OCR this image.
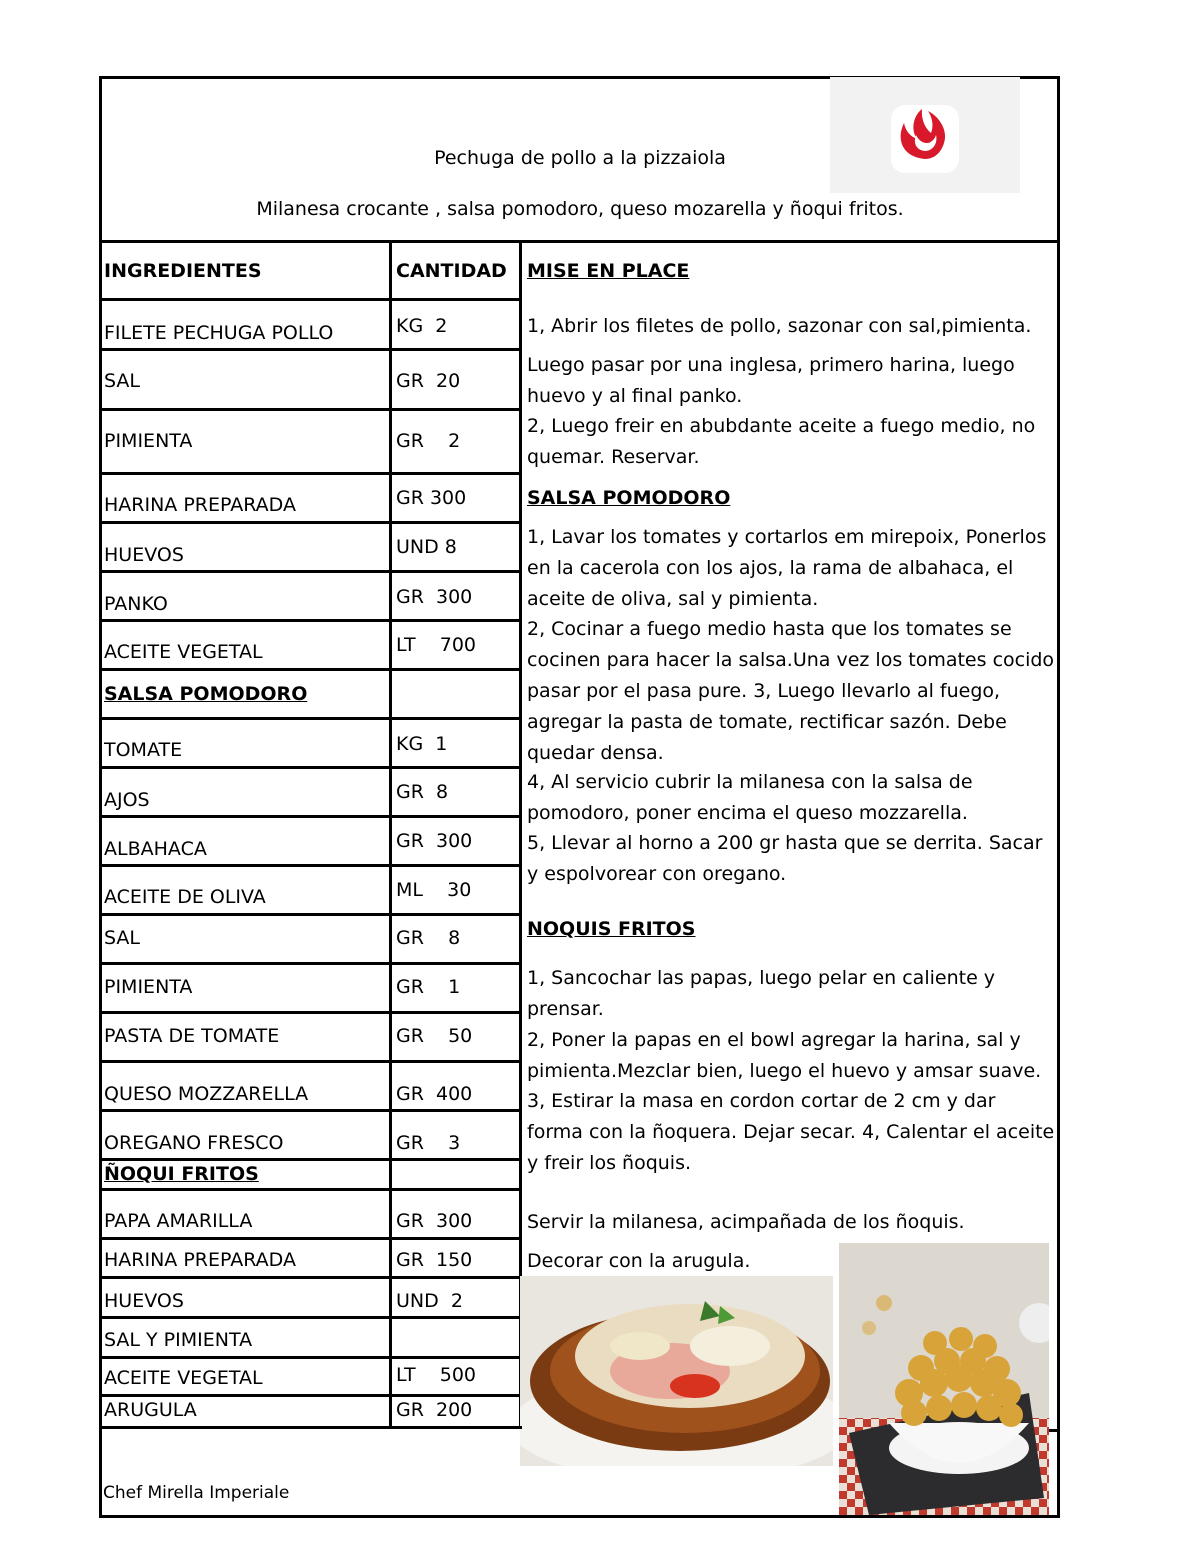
Pechuga de pollo a la pizzaiola
Milanesa crocante , salsa pomodoro, queso mozarella y ñoqui fritos.
INGREDIENTES	CANTIDAD
FILETE PECHUGA POLLO	KG  2
SAL	GR  20
PIMIENTA	GR    2
HARINA PREPARADA	GR 300
HUEVOS	UND 8
PANKO	GR  300
ACEITE VEGETAL	LT    700
SALSA POMODORO
TOMATE	KG  1
AJOS	GR  8
ALBAHACA	GR  300
ACEITE DE OLIVA	ML    30
SAL	GR    8
PIMIENTA	GR    1
PASTA DE TOMATE	GR    50
QUESO MOZZARELLA	GR  400
OREGANO FRESCO	GR    3
ÑOQUI FRITOS
PAPA AMARILLA	GR  300
HARINA PREPARADA	GR  150
HUEVOS	UND  2
SAL Y PIMIENTA
ACEITE VEGETAL	LT    500
ARUGULA	GR  200
MISE EN PLACE
1, Abrir los filetes de pollo, sazonar con sal,pimienta.
Luego pasar por una inglesa, primero harina, luego huevo y al final panko.
2, Luego freir en abubdante aceite a fuego medio, no quemar. Reservar.
SALSA POMODORO
1, Lavar los tomates y cortarlos em mirepoix, Ponerlos en la cacerola con los ajos, la rama de albahaca, el aceite de oliva, sal y pimienta.
2, Cocinar a fuego medio hasta que los tomates se cocinen para hacer la salsa.Una vez los tomates cocido pasar por el pasa pure. 3, Luego llevarlo al fuego, agregar la pasta de tomate, rectificar sazón. Debe quedar densa.
4, Al servicio cubrir la milanesa con la salsa de pomodoro, poner encima el queso mozzarella.
5, Llevar al horno a 200 gr hasta que se derrita. Sacar y espolvorear con oregano.
NOQUIS FRITOS
1, Sancochar las papas, luego pelar en caliente y prensar.
2, Poner la papas en el bowl agregar la harina, sal y pimienta.Mezclar bien, luego el huevo y amsar suave.
3, Estirar la masa en cordon cortar de 2 cm y dar forma con la ñoquera. Dejar secar. 4, Calentar el aceite y freir los ñoquis.
Servir la milanesa, acimpañada de los ñoquis.
Decorar con la arugula.
Chef Mirella Imperiale
